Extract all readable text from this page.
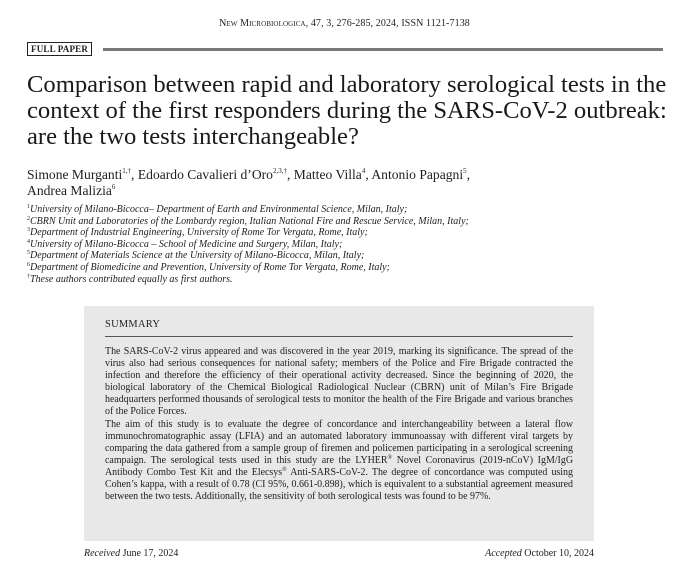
New Microbiologica, 47, 3, 276-285, 2024, ISSN 1121-7138
FULL PAPER
Comparison between rapid and laboratory serological tests in the context of the first responders during the SARS-CoV-2 outbreak: are the two tests interchangeable?
Simone Murganti$^{1,\dagger}$, Edoardo Cavalieri d’Oro$^{2,3,\dagger}$, Matteo Villa$^4$, Antonio Papagni$^5$,
Andrea Malizia$^6$
$^1$University of Milano-Bicocca– Department of Earth and Environmental Science, Milan, Italy;
$^2$CBRN Unit and Laboratories of the Lombardy region, Italian National Fire and Rescue Service, Milan, Italy;
$^3$Department of Industrial Engineering, University of Rome Tor Vergata, Rome, Italy;
$^4$University of Milano-Bicocca – School of Medicine and Surgery, Milan, Italy;
$^5$Department of Materials Science at the University of Milano-Bicocca, Milan, Italy;
$^6$Department of Biomedicine and Prevention, University of Rome Tor Vergata, Rome, Italy;
†These authors contributed equally as first authors.
SUMMARY

The SARS-CoV-2 virus appeared and was discovered in the year 2019, marking its significance. The spread of the virus also had serious consequences for national safety; members of the Police and Fire Brigade contracted the infection and therefore the efficiency of their operational activity decreased. Since the beginning of 2020, the biological laboratory of the Chemical Biological Radiological Nuclear (CBRN) unit of Milan’s Fire Brigade headquarters performed thousands of serological tests to monitor the health of the Fire Brigade and various branches of the Police Forces.

The aim of this study is to evaluate the degree of concordance and interchangeability between a lateral flow immunochromatographic assay (LFIA) and an automated laboratory immunoassay with different viral targets by comparing the data gathered from a sample group of firemen and policemen participating in a serological screening campaign. The serological tests used in this study are the LYHER® Novel Coronavirus (2019-nCoV) IgM/IgG Antibody Combo Test Kit and the Elecsys® Anti-SARS-CoV-2. The degree of concordance was computed using Cohen’s kappa, with a result of 0.78 (CI 95%, 0.661-0.898), which is equivalent to a substantial agreement measured between the two tests. Additionally, the sensitivity of both serological tests was found to be 97%.

Received June 17, 2024	Accepted October 10, 2024
